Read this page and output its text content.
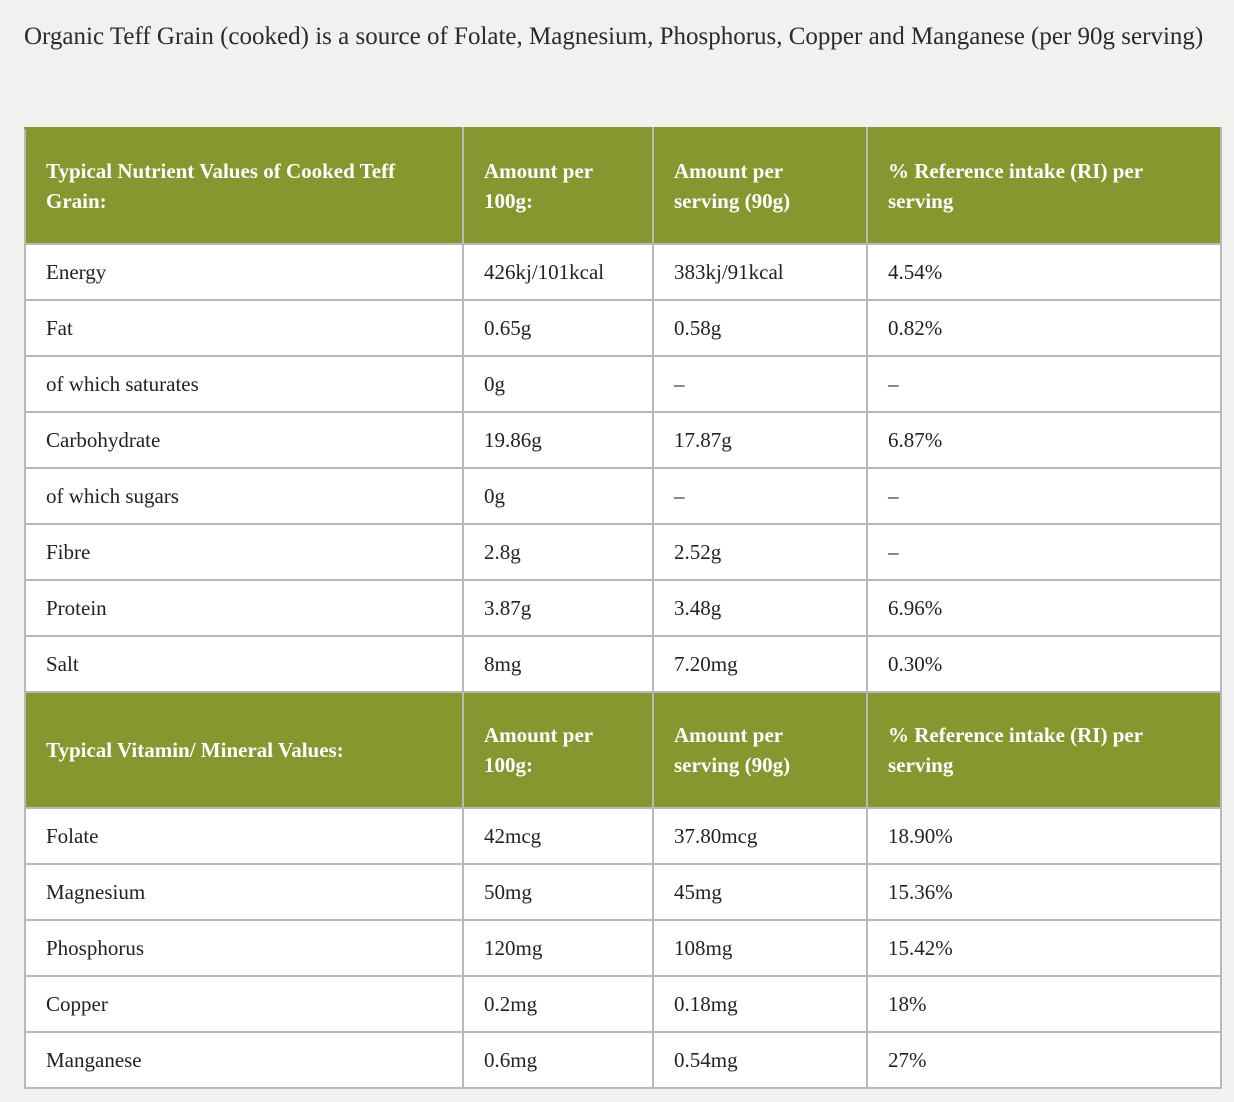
Organic Teff Grain (cooked) is a source of Folate, Magnesium, Phosphorus, Copper and Manganese (per 90g serving)

Typical Nutrient Values of Cooked Teff Grain:	Amount per 100g:	Amount per serving (90g)	% Reference intake (RI) per serving
Energy	426kj/101kcal	383kj/91kcal	4.54%
Fat	0.65g	0.58g	0.82%
of which saturates	0g	–	–
Carbohydrate	19.86g	17.87g	6.87%
of which sugars	0g	–	–
Fibre	2.8g	2.52g	–
Protein	3.87g	3.48g	6.96%
Salt	8mg	7.20mg	0.30%
Typical Vitamin/ Mineral Values:	Amount per 100g:	Amount per serving (90g)	% Reference intake (RI) per serving
Folate	42mcg	37.80mcg	18.90%
Magnesium	50mg	45mg	15.36%
Phosphorus	120mg	108mg	15.42%
Copper	0.2mg	0.18mg	18%
Manganese	0.6mg	0.54mg	27%
